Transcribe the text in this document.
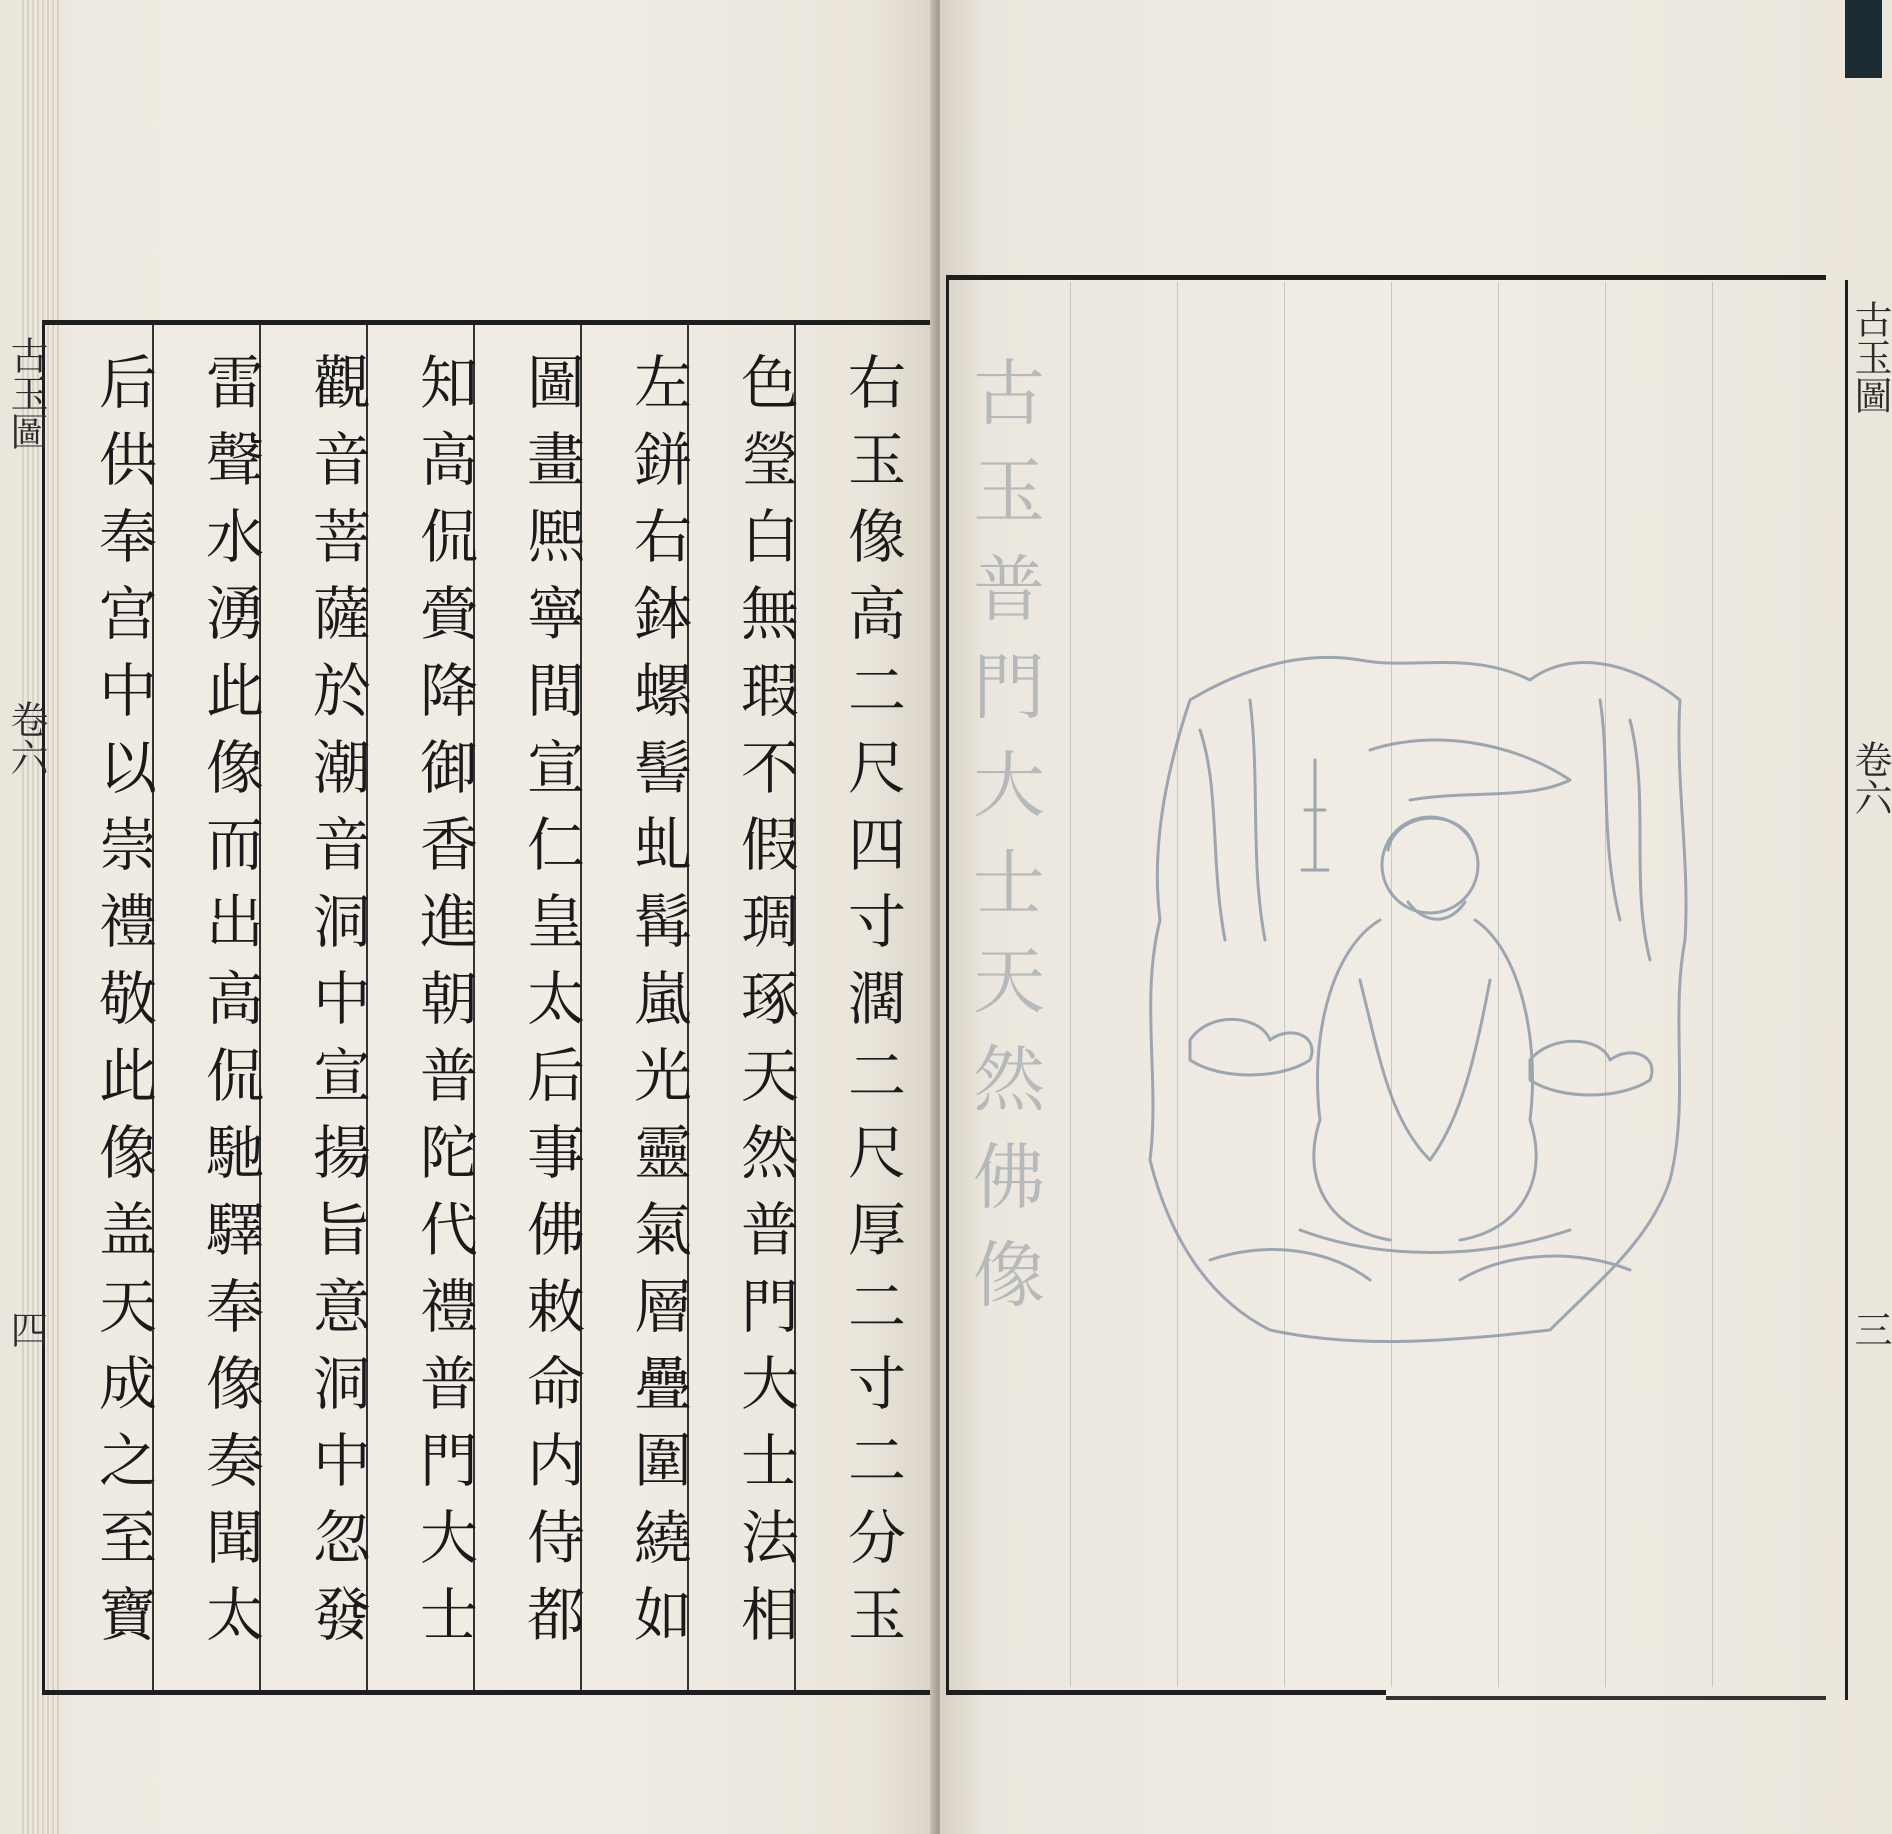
古玉圖
卷六
四	右玉像高二尺四寸濶二尺厚二寸二分玉
色瑩白無瑕不假琱琢天然普門大士法相
左鉼右鉢螺髻虬髯嵐光靈氣層疊圍繞如
圖畫熈寧間宣仁皇太后事佛敕命内侍都
知高侃賫降御香進朝普陀代禮普門大士
觀音菩薩於潮音洞中宣揚旨意洞中忽發
雷聲水湧此像而出高侃馳驛奉像奏聞太
后供奉宫中以崇禮敬此像盖天成之至寶	古玉圖
卷六
三
古玉普門大士天然佛像
